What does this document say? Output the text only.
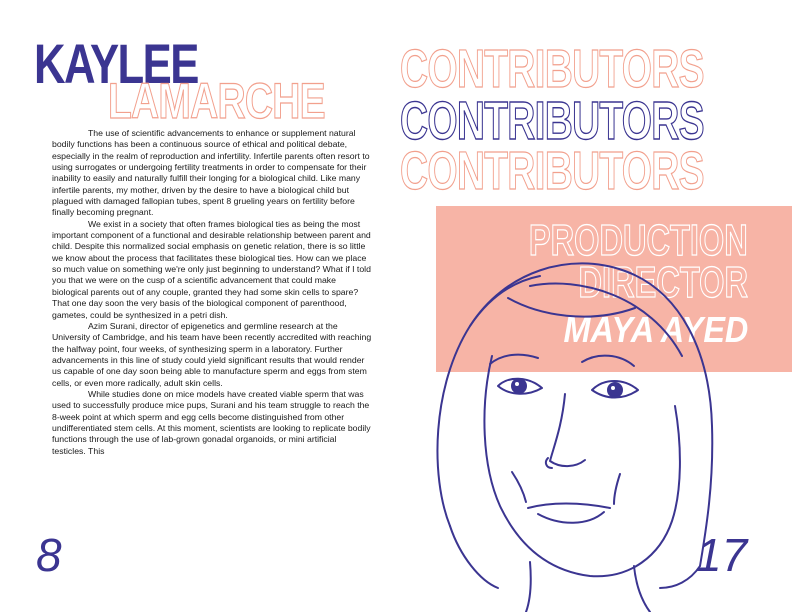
KAYLEE
LAMARCHE

The use of scientific advancements to enhance or supplement natural bodily functions has been a continuous source of ethical and political debate, especially in the realm of reproduction and infertility. Infertile parents often resort to using surrogates or undergoing fertility treatments in order to compensate for their inability to easily and naturally fulfill their longing for a biological child. Like many infertile parents, my mother, driven by the desire to have a biological child but plagued with damaged fallopian tubes, spent 8 grueling years on fertility before finally becoming pregnant.

We exist in a society that often frames biological ties as being the most important component of a functional and desirable relationship between parent and child. Despite this normalized social emphasis on genetic relation, there is so little we know about the process that facilitates these biological ties. How can we place so much value on something we're only just beginning to understand? What if I told you that we were on the cusp of a scientific advancement that could make biological parents out of any couple, granted they had some skin cells to spare? That one day soon the very basis of the biological component of parenthood, gametes, could be synthesized in a petri dish.

Azim Surani, director of epigenetics and germline research at the University of Cambridge, and his team have been recently accredited with reaching the halfway point, four weeks, of synthesizing sperm in a laboratory. Further advancements in this line of study could yield significant results that would render us capable of one day soon being able to manufacture sperm and eggs from stem cells, or even more radically, adult skin cells.

While studies done on mice models have created viable sperm that was used to successfully produce mice pups, Surani and his team struggle to reach the 8-week point at which sperm and egg cells become distinguished from other undifferentiated stem cells. At this moment, scientists are looking to replicate bodily functions through the use of lab-grown gonadal organoids, or mini artificial testicles. This

8
CONTRIBUTORS
CONTRIBUTORS
CONTRIBUTORS
PRODUCTION
DIRECTOR
MAYA AYED
17
